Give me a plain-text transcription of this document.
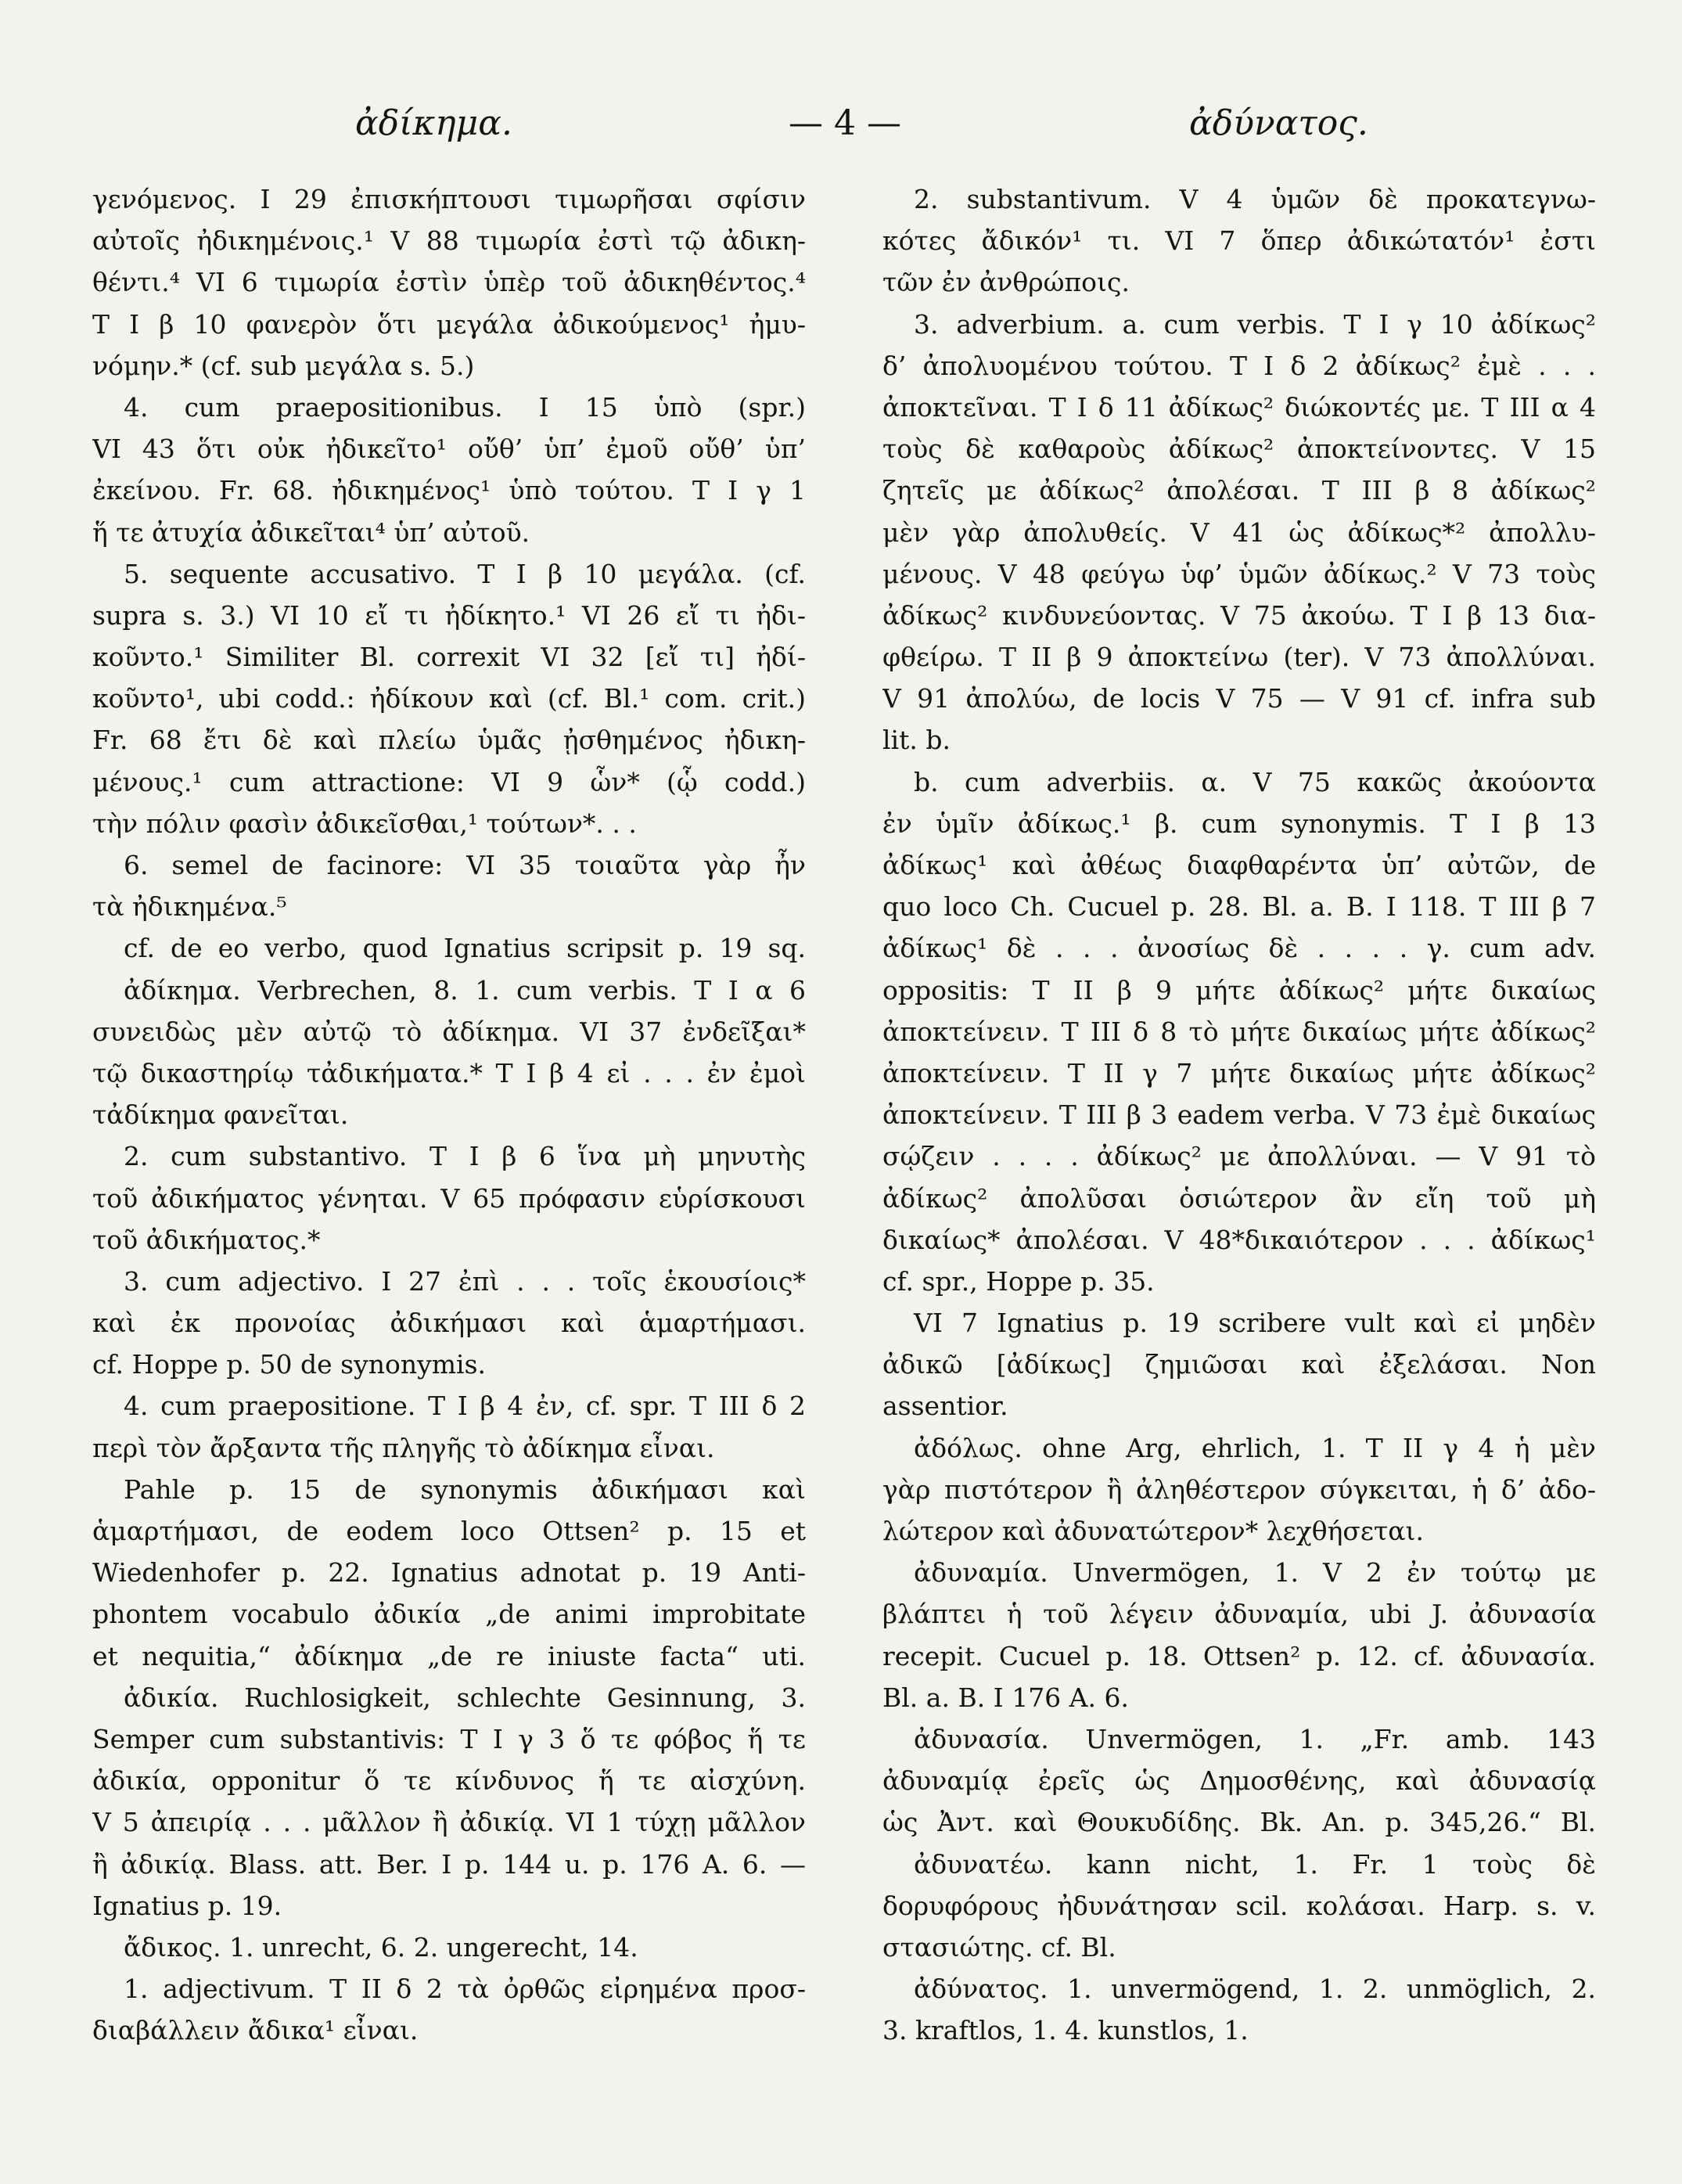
ἀδίκημα.	— 4 —	ἀδύνατος.
γενόμενος. I 29 ἐπισκήπτουσι τιμωρῆσαι σφίσιν
αὐτοῖς ἠδικημένοις.¹ V 88 τιμωρία ἐστὶ τῷ ἀδικη-
θέντι.⁴ VI 6 τιμωρία ἐστὶν ὑπὲρ τοῦ ἀδικηθέντος.⁴
T I β 10 φανερὸν ὅτι μεγάλα ἀδικούμενος¹ ἠμυ-
νόμην.* (cf. sub μεγάλα s. 5.)
4. cum praepositionibus. I 15 ὑπὸ (spr.)
VI 43 ὅτι οὐκ ἠδικεῖτο¹ οὔθ’ ὑπ’ ἐμοῦ οὔθ’ ὑπ’
ἐκείνου. Fr. 68. ἠδικημένος¹ ὑπὸ τούτου. T I γ 1
ἥ τε ἀτυχία ἀδικεῖται⁴ ὑπ’ αὐτοῦ.
5. sequente accusativo. T I β 10 μεγάλα. (cf.
supra s. 3.) VI 10 εἴ τι ἠδίκητο.¹ VI 26 εἴ τι ἠδι-
κοῦντο.¹ Similiter Bl. correxit VI 32 [εἴ τι] ἠδί-
κοῦντο¹, ubi codd.: ἠδίκουν καὶ (cf. Bl.¹ com. crit.)
Fr. 68 ἔτι δὲ καὶ πλείω ὑμᾶς ᾐσθημένος ἠδικη-
μένους.¹ cum attractione: VI 9 ὧν* (ᾧ codd.)
τὴν πόλιν φασὶν ἀδικεῖσθαι,¹ τούτων*. . .
6. semel de facinore: VI 35 τοιαῦτα γὰρ ἦν
τὰ ἠδικημένα.⁵
cf. de eo verbo, quod Ignatius scripsit p. 19 sq.
ἀδίκημα. Verbrechen, 8. 1. cum verbis. T I α 6
συνειδὼς μὲν αὐτῷ τὸ ἀδίκημα. VI 37 ἐνδεῖξαι*
τῷ δικαστηρίῳ τἀδικήματα.* T I β 4 εἰ . . . ἐν ἐμοὶ
τἀδίκημα φανεῖται.
2. cum substantivo. T I β 6 ἵνα μὴ μηνυτὴς
τοῦ ἀδικήματος γένηται. V 65 πρόφασιν εὑρίσκουσι
τοῦ ἀδικήματος.*
3. cum adjectivo. I 27 ἐπὶ . . . τοῖς ἑκουσίοις*
καὶ ἐκ προνοίας ἀδικήμασι καὶ ἁμαρτήμασι.
cf. Hoppe p. 50 de synonymis.
4. cum praepositione. T I β 4 ἐν, cf. spr. T III δ 2
περὶ τὸν ἄρξαντα τῆς πληγῆς τὸ ἀδίκημα εἶναι.
Pahle p. 15 de synonymis ἀδικήμασι καὶ
ἁμαρτήμασι, de eodem loco Ottsen² p. 15 et
Wiedenhofer p. 22. Ignatius adnotat p. 19 Anti-
phontem vocabulo ἀδικία „de animi improbitate
et nequitia,“ ἀδίκημα „de re iniuste facta“ uti.
ἀδικία. Ruchlosigkeit, schlechte Gesinnung, 3.
Semper cum substantivis: T I γ 3 ὅ τε φόβος ἥ τε
ἀδικία, opponitur ὅ τε κίνδυνος ἥ τε αἰσχύνη.
V 5 ἀπειρίᾳ . . . μᾶλλον ἢ ἀδικίᾳ. VI 1 τύχῃ μᾶλλον
ἢ ἀδικίᾳ. Blass. att. Ber. I p. 144 u. p. 176 A. 6. —
Ignatius p. 19.
ἄδικος. 1. unrecht, 6. 2. ungerecht, 14.
1. adjectivum. T II δ 2 τὰ ὀρθῶς εἰρημένα προσ-
διαβάλλειν ἄδικα¹ εἶναι.
2. substantivum. V 4 ὑμῶν δὲ προκατεγνω-
κότες ἄδικόν¹ τι. VI 7 ὅπερ ἀδικώτατόν¹ ἐστι
τῶν ἐν ἀνθρώποις.
3. adverbium. a. cum verbis. T I γ 10 ἀδίκως²
δ’ ἀπολυομένου τούτου. T I δ 2 ἀδίκως² ἐμὲ . . .
ἀποκτεῖναι. T I δ 11 ἀδίκως² διώκοντές με. T III α 4
τοὺς δὲ καθαροὺς ἀδίκως² ἀποκτείνοντες. V 15
ζητεῖς με ἀδίκως² ἀπολέσαι. T III β 8 ἀδίκως²
μὲν γὰρ ἀπολυθείς. V 41 ὡς ἀδίκως*² ἀπολλυ-
μένους. V 48 φεύγω ὑφ’ ὑμῶν ἀδίκως.² V 73 τοὺς
ἀδίκως² κινδυνεύοντας. V 75 ἀκούω. T I β 13 δια-
φθείρω. T II β 9 ἀποκτείνω (ter). V 73 ἀπολλύναι.
V 91 ἀπολύω, de locis V 75 — V 91 cf. infra sub
lit. b.
b. cum adverbiis. α. V 75 κακῶς ἀκούοντα
ἐν ὑμῖν ἀδίκως.¹ β. cum synonymis. T I β 13
ἀδίκως¹ καὶ ἀθέως διαφθαρέντα ὑπ’ αὐτῶν, de
quo loco Ch. Cucuel p. 28. Bl. a. B. I 118. T III β 7
ἀδίκως¹ δὲ . . . ἀνοσίως δὲ . . . . γ. cum adv.
oppositis: T II β 9 μήτε ἀδίκως² μήτε δικαίως
ἀποκτείνειν. T III δ 8 τὸ μήτε δικαίως μήτε ἀδίκως²
ἀποκτείνειν. T II γ 7 μήτε δικαίως μήτε ἀδίκως²
ἀποκτείνειν. T III β 3 eadem verba. V 73 ἐμὲ δικαίως
σῴζειν . . . . ἀδίκως² με ἀπολλύναι. — V 91 τὸ
ἀδίκως² ἀπολῦσαι ὁσιώτερον ἂν εἴη τοῦ μὴ
δικαίως* ἀπολέσαι. V 48*δικαιότερον . . . ἀδίκως¹
cf. spr., Hoppe p. 35.
VI 7 Ignatius p. 19 scribere vult καὶ εἰ μηδὲν
ἀδικῶ [ἀδίκως] ζημιῶσαι καὶ ἐξελάσαι. Non
assentior.
ἀδόλως. ohne Arg, ehrlich, 1. T II γ 4 ἡ μὲν
γὰρ πιστότερον ἢ ἀληθέστερον σύγκειται, ἡ δ’ ἀδο-
λώτερον καὶ ἀδυνατώτερον* λεχθήσεται.
ἀδυναμία. Unvermögen, 1. V 2 ἐν τούτῳ με
βλάπτει ἡ τοῦ λέγειν ἀδυναμία, ubi J. ἀδυνασία
recepit. Cucuel p. 18. Ottsen² p. 12. cf. ἀδυνασία.
Bl. a. B. I 176 A. 6.
ἀδυνασία. Unvermögen, 1. „Fr. amb. 143
ἀδυναμίᾳ ἐρεῖς ὡς Δημοσθένης, καὶ ἀδυνασίᾳ
ὡς Ἀντ. καὶ Θουκυδίδης. Bk. An. p. 345,26.“ Bl.
ἀδυνατέω. kann nicht, 1. Fr. 1 τοὺς δὲ
δορυφόρους ἠδυνάτησαν scil. κολάσαι. Harp. s. v.
στασιώτης. cf. Bl.
ἀδύνατος. 1. unvermögend, 1. 2. unmöglich, 2.
3. kraftlos, 1. 4. kunstlos, 1.
